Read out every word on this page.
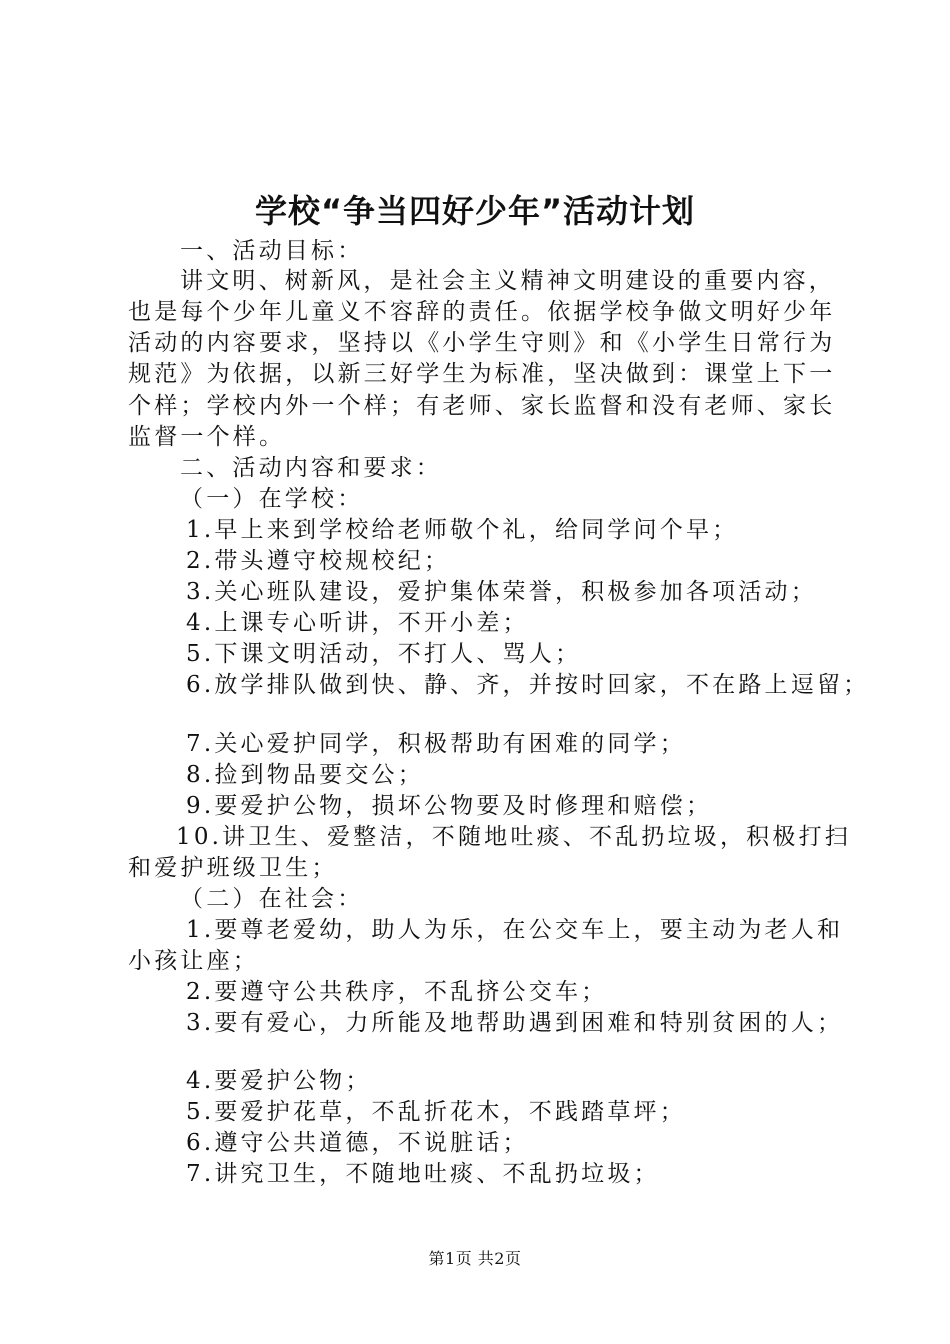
学校“争当四好少年”活动计划
一、活动目标：
讲文明、树新风，是社会主义精神文明建设的重要内容，
也是每个少年儿童义不容辞的责任。依据学校争做文明好少年
活动的内容要求，坚持以《小学生守则》和《小学生日常行为
规范》为依据，以新三好学生为标准，坚决做到：课堂上下一
个样；学校内外一个样；有老师、家长监督和没有老师、家长
监督一个样。
二、活动内容和要求：
（一）在学校：
1.早上来到学校给老师敬个礼，给同学问个早；
2.带头遵守校规校纪；
3.关心班队建设，爱护集体荣誉，积极参加各项活动；
4.上课专心听讲，不开小差；
5.下课文明活动，不打人、骂人；
6.放学排队做到快、静、齐，并按时回家，不在路上逗留；
7.关心爱护同学，积极帮助有困难的同学；
8.捡到物品要交公；
9.要爱护公物，损坏公物要及时修理和赔偿；
10.讲卫生、爱整洁，不随地吐痰、不乱扔垃圾，积极打扫
和爱护班级卫生；
（二）在社会：
1.要尊老爱幼，助人为乐，在公交车上，要主动为老人和
小孩让座；
2.要遵守公共秩序，不乱挤公交车；
3.要有爱心，力所能及地帮助遇到困难和特别贫困的人；
4.要爱护公物；
5.要爱护花草，不乱折花木，不践踏草坪；
6.遵守公共道德，不说脏话；
7.讲究卫生，不随地吐痰、不乱扔垃圾；
第1页 共2页
